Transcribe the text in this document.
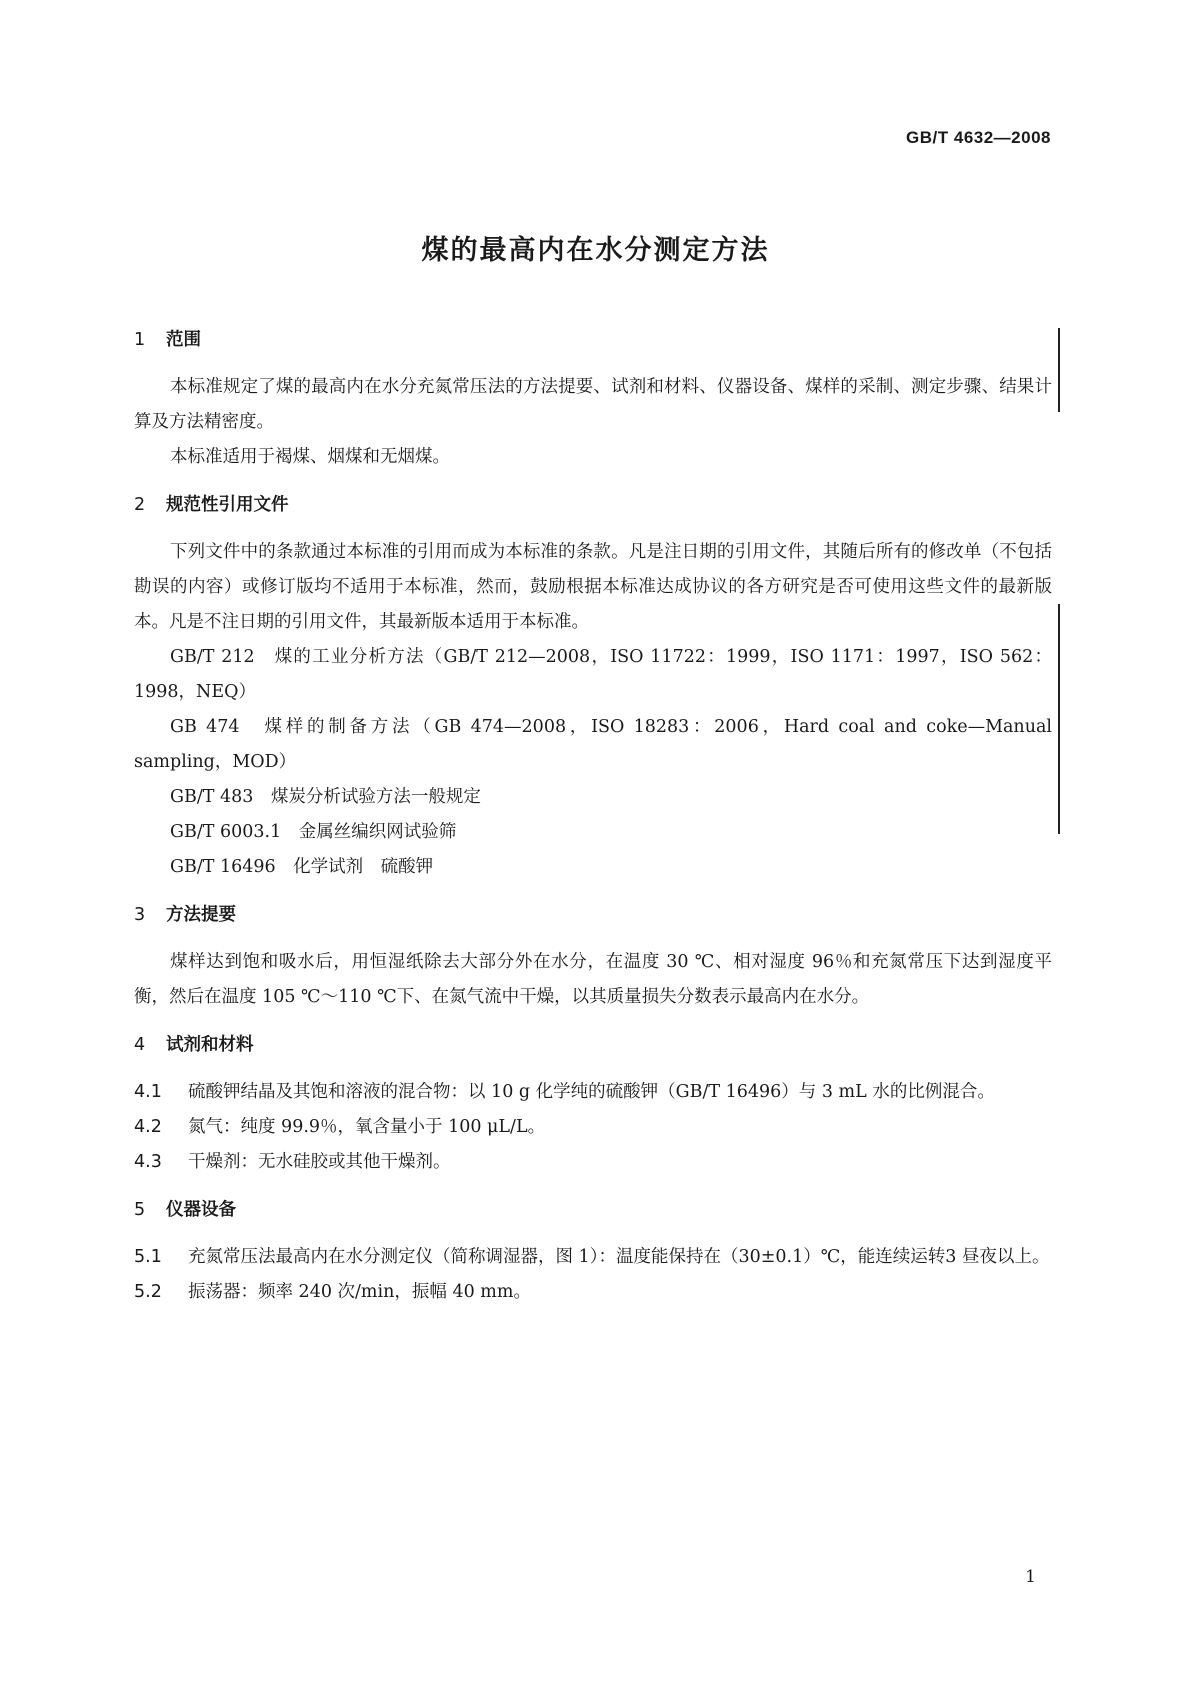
GB/T 4632—2008
煤的最高内在水分测定方法
1 范围

本标准规定了煤的最高内在水分充氮常压法的方法提要、试剂和材料、仪器设备、煤样的采制、测定步骤、结果计算及方法精密度。

本标准适用于褐煤、烟煤和无烟煤。

2 规范性引用文件

下列文件中的条款通过本标准的引用而成为本标准的条款。凡是注日期的引用文件，其随后所有的修改单（不包括勘误的内容）或修订版均不适用于本标准，然而，鼓励根据本标准达成协议的各方研究是否可使用这些文件的最新版本。凡是不注日期的引用文件，其最新版本适用于本标准。

GB/T 212　煤的工业分析方法（GB/T 212—2008，ISO 11722：1999，ISO 1171：1997，ISO 562：1998，NEQ）

GB 474　煤样的制备方法（GB 474—2008，ISO 18283：2006，Hard coal and coke—Manual sampling，MOD）

GB/T 483　煤炭分析试验方法一般规定

GB/T 6003.1　金属丝编织网试验筛

GB/T 16496　化学试剂　硫酸钾

3 方法提要

煤样达到饱和吸水后，用恒湿纸除去大部分外在水分，在温度 30 ℃、相对湿度 96％和充氮常压下达到湿度平衡，然后在温度 105 ℃～110 ℃下、在氮气流中干燥，以其质量损失分数表示最高内在水分。

4 试剂和材料

4.1 硫酸钾结晶及其饱和溶液的混合物：以 10 g 化学纯的硫酸钾（GB/T 16496）与 3 mL 水的比例混合。

4.2 氮气：纯度 99.9％，氧含量小于 100 μL/L。

4.3 干燥剂：无水硅胶或其他干燥剂。

5 仪器设备

5.1 充氮常压法最高内在水分测定仪（简称调湿器，图 1）：温度能保持在（30±0.1）℃，能连续运转3 昼夜以上。

5.2 振荡器：频率 240 次/min，振幅 40 mm。

1
